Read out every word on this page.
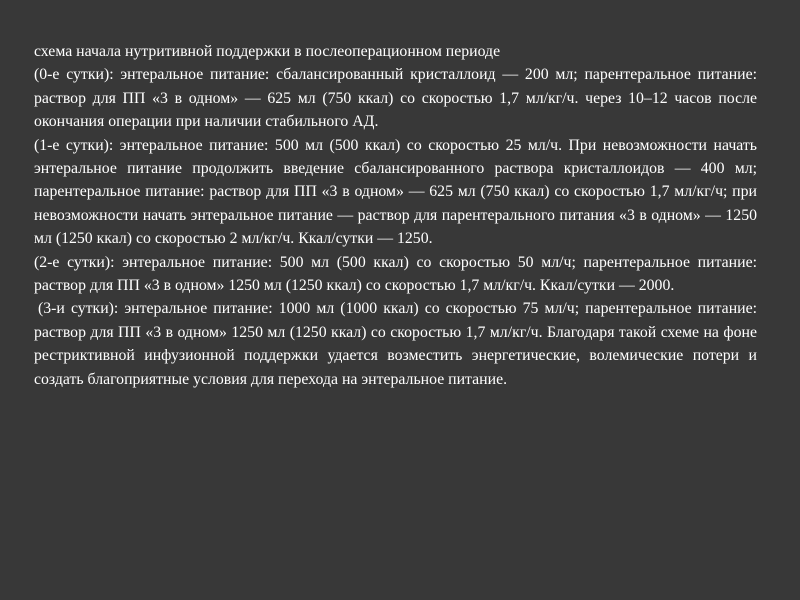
схема начала нутритивной поддержки в послеоперационном периоде

(0-е сутки): энтеральное питание: сбалансированный кристаллоид — 200 мл; парентеральное питание: раствор для ПП «3 в одном» — 625 мл (750 ккал) со скоростью 1,7 мл/кг/ч. через 10–12 часов после окончания операции при наличии стабильного АД.

(1-е сутки): энтеральное питание: 500 мл (500 ккал) со скоростью 25 мл/ч. При невозможности начать энтеральное питание продолжить введение сбалансированного раствора кристаллоидов — 400 мл; парентеральное питание: раствор для ПП «3 в одном» — 625 мл (750 ккал) со скоростью 1,7 мл/кг/ч; при невозможности начать энтеральное питание — раствор для парентерального питания «3 в одном» — 1250 мл (1250 ккал) со скоростью 2 мл/кг/ч. Ккал/сутки — 1250.

(2-е сутки): энтеральное питание: 500 мл (500 ккал) со скоростью 50 мл/ч; парентеральное питание: раствор для ПП «3 в одном» 1250 мл (1250 ккал) со скоростью 1,7 мл/кг/ч. Ккал/сутки — 2000.

(3-и сутки): энтеральное питание: 1000 мл (1000 ккал) со скоростью 75 мл/ч; парентеральное питание: раствор для ПП «3 в одном» 1250 мл (1250 ккал) со скоростью 1,7 мл/кг/ч. Благодаря такой схеме на фоне рестриктивной инфузионной поддержки удается возместить энергетические, волемические потери и создать благоприятные условия для перехода на энтеральное питание.
